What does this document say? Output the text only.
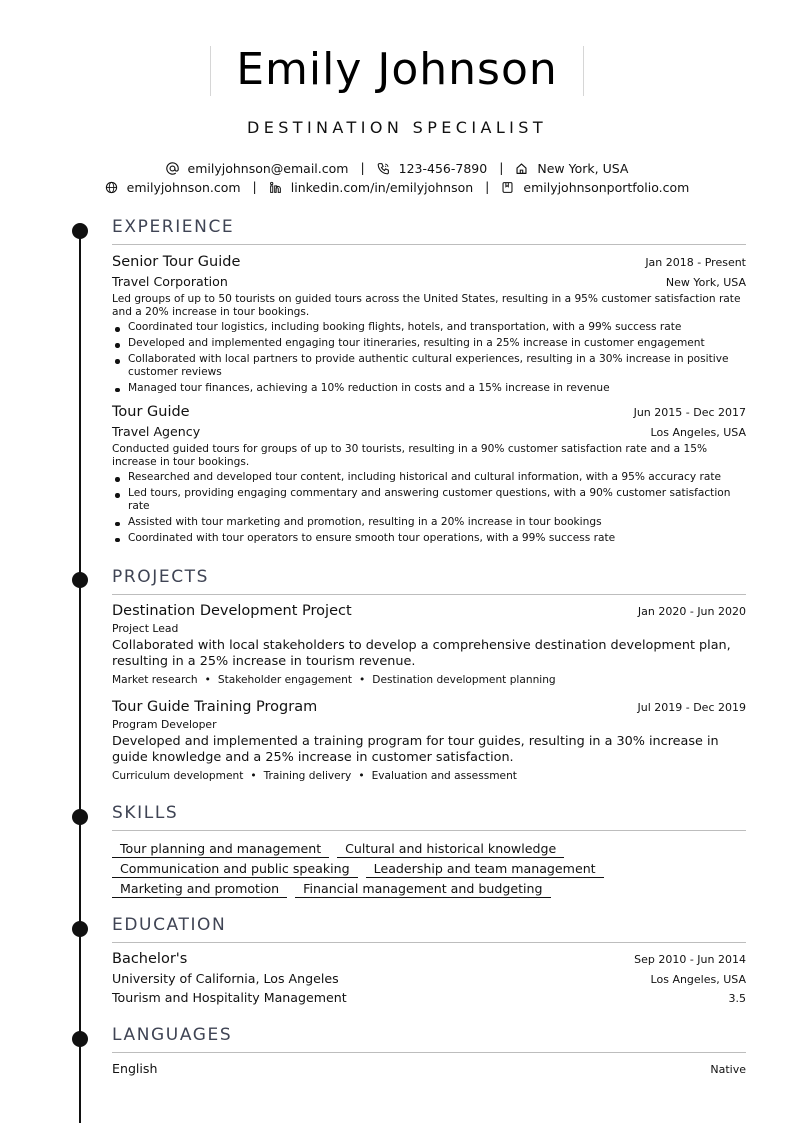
Emily Johnson
DESTINATION SPECIALIST
emilyjohnson@email.com |	123-456-7890 |	New York, USA
emilyjohnson.com |	linkedin.com/in/emilyjohnson |	emilyjohnsonportfolio.com
EXPERIENCE
Senior Tour Guide	Jan 2018 - Present
Travel Corporation	New York, USA
Led groups of up to 50 tourists on guided tours across the United States, resulting in a 95% customer satisfaction rate and a 20% increase in tour bookings.
Coordinated tour logistics, including booking flights, hotels, and transportation, with a 99% success rate
Developed and implemented engaging tour itineraries, resulting in a 25% increase in customer engagement
Collaborated with local partners to provide authentic cultural experiences, resulting in a 30% increase in positive customer reviews
Managed tour finances, achieving a 10% reduction in costs and a 15% increase in revenue
Tour Guide	Jun 2015 - Dec 2017
Travel Agency	Los Angeles, USA
Conducted guided tours for groups of up to 30 tourists, resulting in a 90% customer satisfaction rate and a 15% increase in tour bookings.
Researched and developed tour content, including historical and cultural information, with a 95% accuracy rate
Led tours, providing engaging commentary and answering customer questions, with a 90% customer satisfaction rate
Assisted with tour marketing and promotion, resulting in a 20% increase in tour bookings
Coordinated with tour operators to ensure smooth tour operations, with a 99% success rate
PROJECTS
Destination Development Project	Jan 2020 - Jun 2020
Project Lead
Collaborated with local stakeholders to develop a comprehensive destination development plan, resulting in a 25% increase in tourism revenue.
Market research • Stakeholder engagement • Destination development planning
Tour Guide Training Program	Jul 2019 - Dec 2019
Program Developer
Developed and implemented a training program for tour guides, resulting in a 30% increase in guide knowledge and a 25% increase in customer satisfaction.
Curriculum development • Training delivery • Evaluation and assessment
SKILLS
Tour planning and management Cultural and historical knowledge
Communication and public speaking Leadership and team management
Marketing and promotion Financial management and budgeting
EDUCATION
Bachelor's	Sep 2010 - Jun 2014
University of California, Los Angeles	Los Angeles, USA
Tourism and Hospitality Management	3.5
LANGUAGES
English	Native
